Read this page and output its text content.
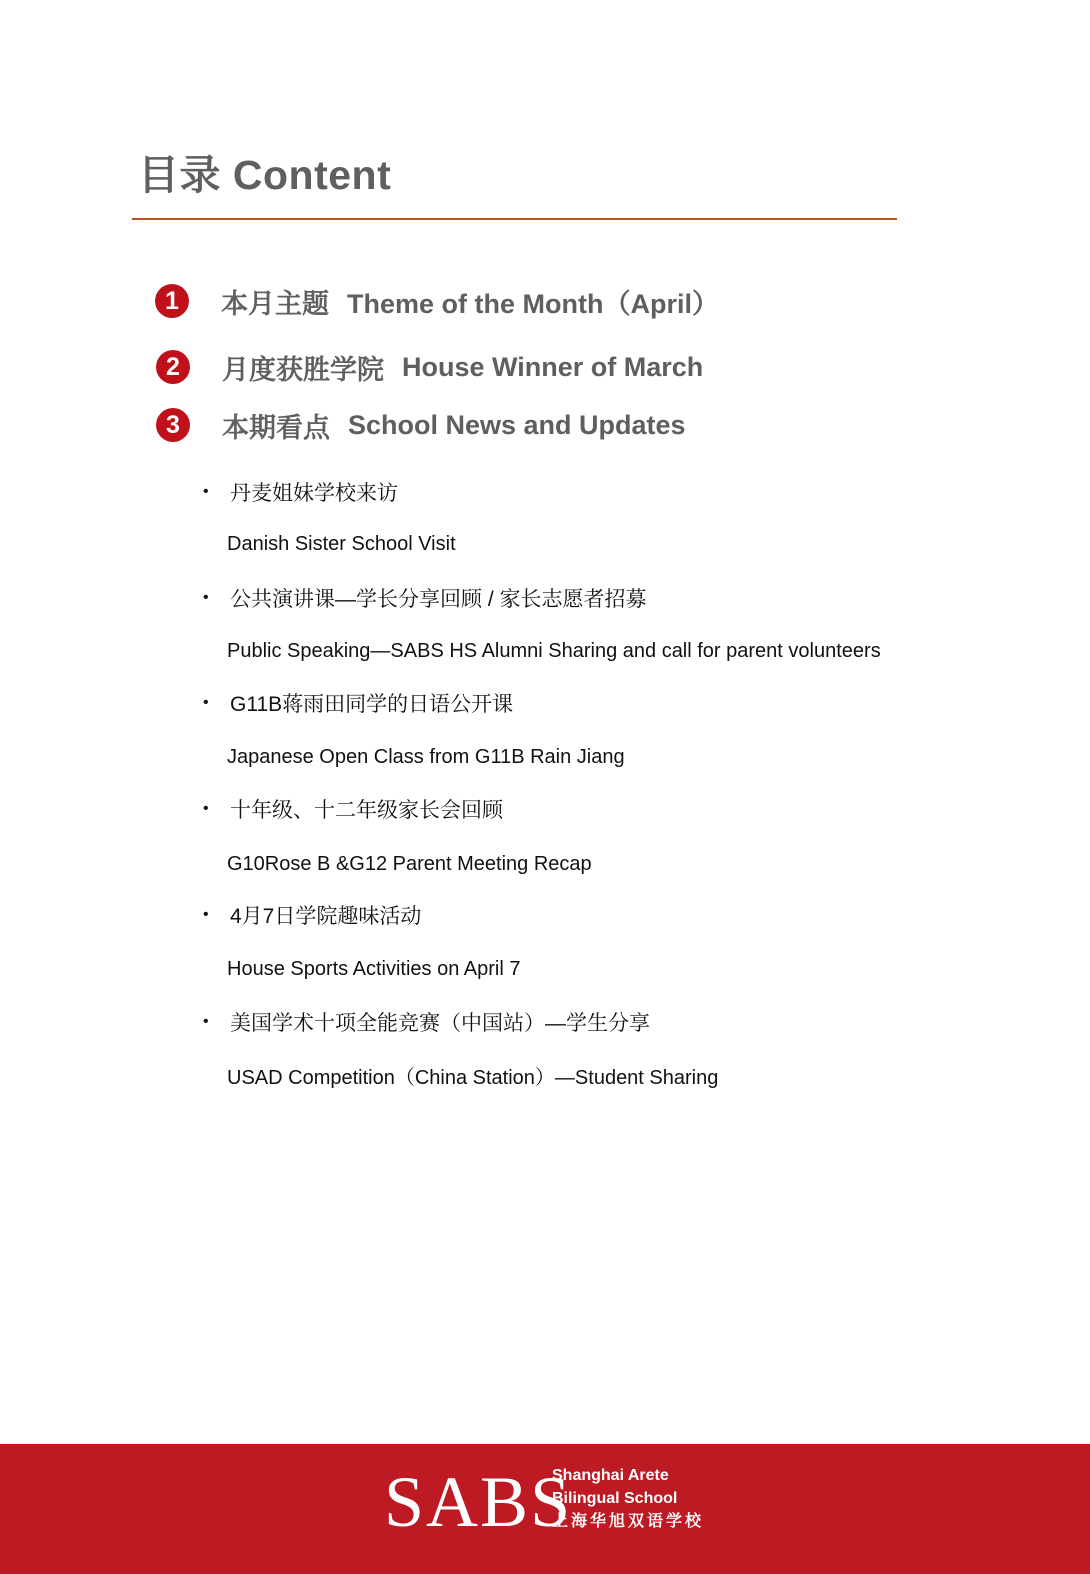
目录 Content
1	本月主题 Theme of the Month（April）
2	月度获胜学院 House Winner of March
3	本期看点 School News and Updates
•	丹麦姐妹学校来访
Danish Sister School Visit
•	公共演讲课—学长分享回顾 / 家长志愿者招募
Public Speaking—SABS HS Alumni Sharing and call for parent volunteers
•	G11B蒋雨田同学的日语公开课
Japanese Open Class from G11B Rain Jiang
•	十年级、十二年级家长会回顾
G10Rose B &G12 Parent Meeting Recap
•	4月7日学院趣味活动
House Sports Activities on April 7
•	美国学术十项全能竞赛（中国站）—学生分享
USAD Competition（China Station）—Student Sharing
SABS
Shanghai Arete
Bilingual School
上海华旭双语学校
